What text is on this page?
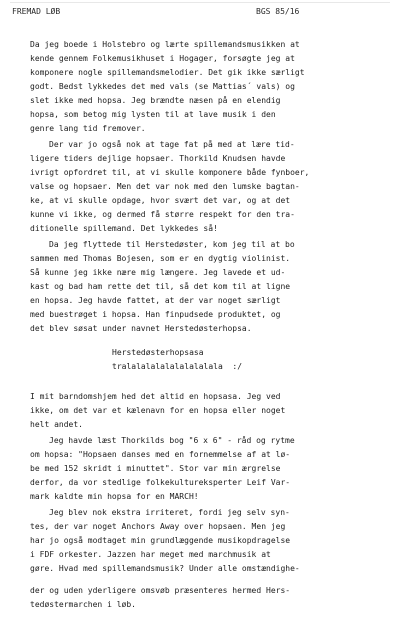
FREMAD LØB	BGS 85/16
Da jeg boede i Holstebro og lærte spillemandsmusikken at
kende gennem Folkemusikhuset i Hogager, forsøgte jeg at
komponere nogle spillemandsmelodier. Det gik ikke særligt
godt. Bedst lykkedes det med vals (se Mattias´ vals) og
slet ikke med hopsa. Jeg brændte næsen på en elendig
hopsa, som betog mig lysten til at lave musik i den
genre lang tid fremover.
Der var jo også nok at tage fat på med at lære tid-
ligere tiders dejlige hopsaer. Thorkild Knudsen havde
ivrigt opfordret til, at vi skulle komponere både fynboer,
valse og hopsaer. Men det var nok med den lumske bagtan-
ke, at vi skulle opdage, hvor svært det var, og at det
kunne vi ikke, og dermed få større respekt for den tra-
ditionelle spillemand. Det lykkedes så!
Da jeg flyttede til Herstedøster, kom jeg til at bo
sammen med Thomas Bojesen, som er en dygtig violinist.
Så kunne jeg ikke nære mig længere. Jeg lavede et ud-
kast og bad ham rette det til, så det kom til at ligne
en hopsa. Jeg havde fattet, at der var noget særligt
med buestrøget i hopsa. Han finpudsede produktet, og
det blev søsat under navnet Herstedøsterhopsa.
Herstedøsterhopsasa
tralalalalalalalalalala  :/
I mit barndomshjem hed det altid en hopsasa. Jeg ved
ikke, om det var et kælenavn for en hopsa eller noget
helt andet.
Jeg havde læst Thorkilds bog "6 x 6" - råd og rytme
om hopsa: "Hopsaen danses med en fornemmelse af at lø-
be med 152 skridt i minuttet". Stor var min ærgrelse
derfor, da vor stedlige folkekultureksperter Leif Var-
mark kaldte min hopsa for en MARCH!
Jeg blev nok ekstra irriteret, fordi jeg selv syn-
tes, der var noget Anchors Away over hopsaen. Men jeg
har jo også modtaget min grundlæggende musikopdragelse
i FDF orkester. Jazzen har meget med marchmusik at
gøre. Hvad med spillemandsmusik? Under alle omstændighe-
der og uden yderligere omsvøb præsenteres hermed Hers-
tedøstermarchen i løb.
